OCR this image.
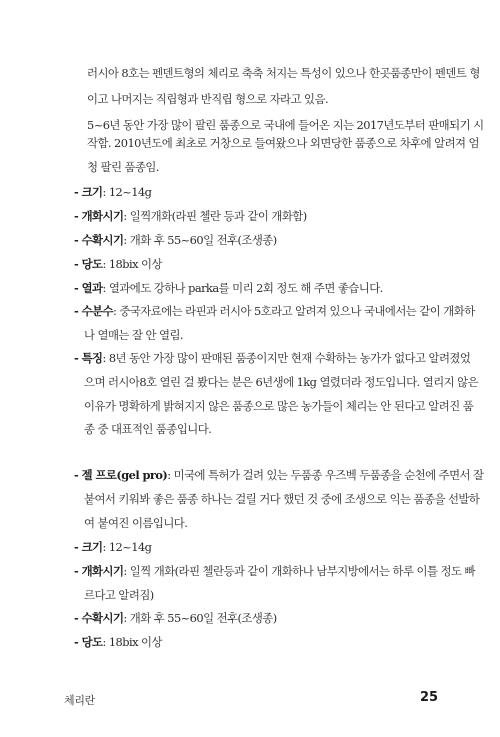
러시아 8호는 펜덴트형의 체리로 축축 처지는 특성이 있으나 한곳품종만이 펜덴트 형
이고 나머지는 직립형과 반직립 형으로 자라고 있음.
5~6년 동안 가장 많이 팔린 품종으로 국내에 들어온 지는 2017년도부터 판매되기 시
작함. 2010년도에 최초로 거창으로 들여왔으나 외면당한 품종으로 차후에 알려져 엄
청 팔린 품종임.
- 크기: 12~14g
- 개화시기: 일찍개화(라핀 첼란 등과 같이 개화함)
- 수확시기: 개화 후 55~60일 전후(조생종)
- 당도: 18bix 이상
- 열과: 열과에도 강하나 parka를 미리 2회 정도 해 주면 좋습니다.
- 수분수: 중국자료에는 라핀과 러시아 5호라고 알려져 있으나 국내에서는 같이 개화하
나 열매는 잘 안 열림.
- 특징: 8년 동안 가장 많이 판매된 품종이지만 현재 수확하는 농가가 없다고 알려졌었
으며 러시아8호 열린 걸 봤다는 분은 6년생에 1kg 열렸더라 정도입니다. 열리지 않은
이유가 명확하게 밝혀지지 않은 품종으로 많은 농가들이 체리는 안 된다고 알려진 품
종 중 대표적인 품종입니다.
- 젤 프로(gel pro): 미국에 특허가 걸려 있는 두품종 우즈벡 두품종을 순천에 주면서 잘
붙여서 키워봐 좋은 품종 하나는 걸릴 거다 했던 것 중에 조생으로 익는 품종을 선발하
여 붙여진 이름입니다.
- 크기: 12~14g
- 개화시기: 일찍 개화(라핀 첼란등과 같이 개화하나 남부지방에서는 하루 이틀 정도 빠
르다고 알려짐)
- 수확시기: 개화 후 55~60일 전후(조생종)
- 당도: 18bix 이상
체리란	25
